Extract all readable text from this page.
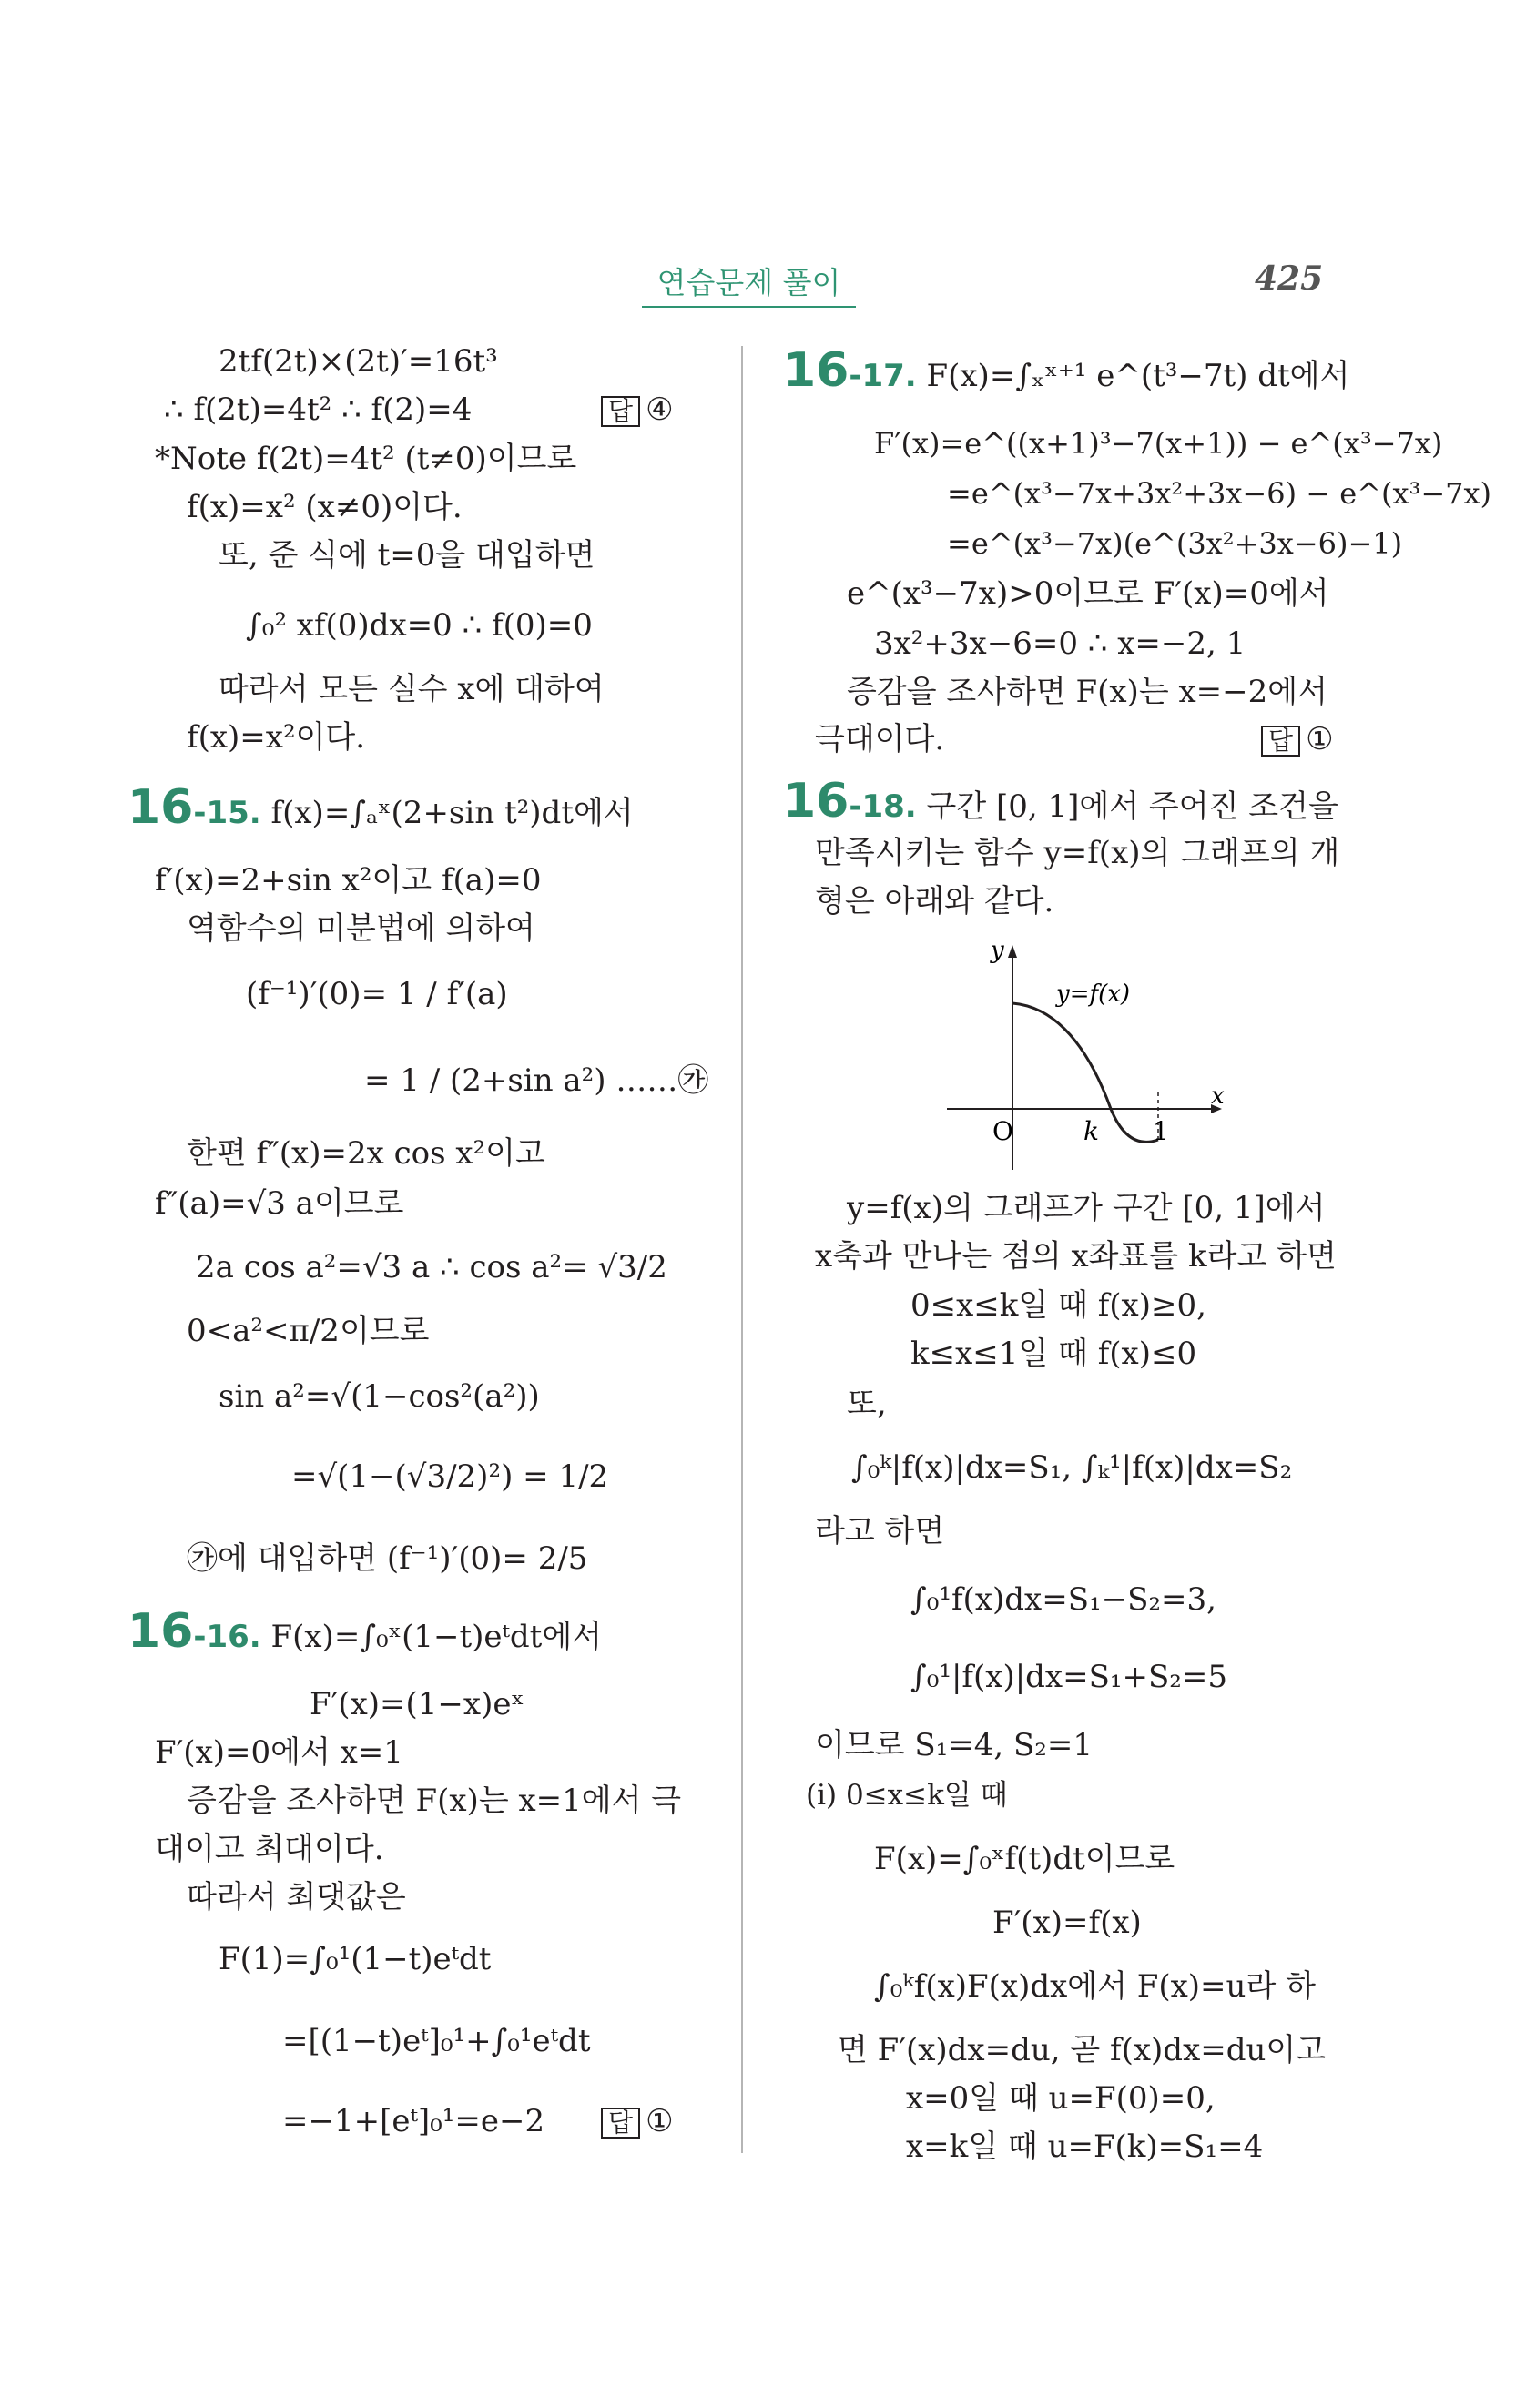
연습문제 풀이	425
2tf(2t)×(2t)′=16t³
∴ f(2t)=4t² ∴ f(2)=4	답 ④
*Note f(2t)=4t² (t≠0)이므로
f(x)=x² (x≠0)이다.
또, 준 식에 t=0을 대입하면
∫₀² xf(0)dx=0 ∴ f(0)=0
따라서 모든 실수 x에 대하여
f(x)=x²이다.
16-15. f(x)=∫ₐˣ(2+sin t²)dt에서
f′(x)=2+sin x²이고 f(a)=0
역함수의 미분법에 의하여
(f⁻¹)′(0)= 1 / f′(a)
= 1 / (2+sin a²) ……㉮
한편 f″(x)=2x cos x²이고
f″(a)=√3 a이므로
2a cos a²=√3 a ∴ cos a²= √3/2
0<a²<π/2이므로
sin a²=√(1−cos²(a²))
=√(1−(√3/2)²) = 1/2
㉮에 대입하면 (f⁻¹)′(0)= 2/5
16-16. F(x)=∫₀ˣ(1−t)eᵗdt에서
F′(x)=(1−x)eˣ
F′(x)=0에서 x=1
증감을 조사하면 F(x)는 x=1에서 극
대이고 최대이다.
따라서 최댓값은
F(1)=∫₀¹(1−t)eᵗdt
=[(1−t)eᵗ]₀¹+∫₀¹eᵗdt
=−1+[eᵗ]₀¹=e−2 답 ①
16-17. F(x)=∫ₓˣ⁺¹ e^(t³−7t) dt에서
F′(x)=e^((x+1)³−7(x+1)) − e^(x³−7x)
=e^(x³−7x+3x²+3x−6) − e^(x³−7x)
=e^(x³−7x)(e^(3x²+3x−6)−1)
e^(x³−7x)>0이므로 F′(x)=0에서
3x²+3x−6=0 ∴ x=−2, 1
증감을 조사하면 F(x)는 x=−2에서
극대이다.	답 ①
16-18. 구간 [0, 1]에서 주어진 조건을
만족시키는 함수 y=f(x)의 그래프의 개
형은 아래와 같다.
y
x
O	k 1
y=f(x)
y=f(x)의 그래프가 구간 [0, 1]에서
x축과 만나는 점의 x좌표를 k라고 하면
0≤x≤k일 때 f(x)≥0,
k≤x≤1일 때 f(x)≤0
또,
∫₀ᵏ|f(x)|dx=S₁, ∫ₖ¹|f(x)|dx=S₂
라고 하면
∫₀¹f(x)dx=S₁−S₂=3,
∫₀¹|f(x)|dx=S₁+S₂=5
이므로 S₁=4, S₂=1
(i) 0≤x≤k일 때
F(x)=∫₀ˣf(t)dt이므로
F′(x)=f(x)
∫₀ᵏf(x)F(x)dx에서 F(x)=u라 하
면 F′(x)dx=du, 곧 f(x)dx=du이고
x=0일 때 u=F(0)=0,
x=k일 때 u=F(k)=S₁=4
